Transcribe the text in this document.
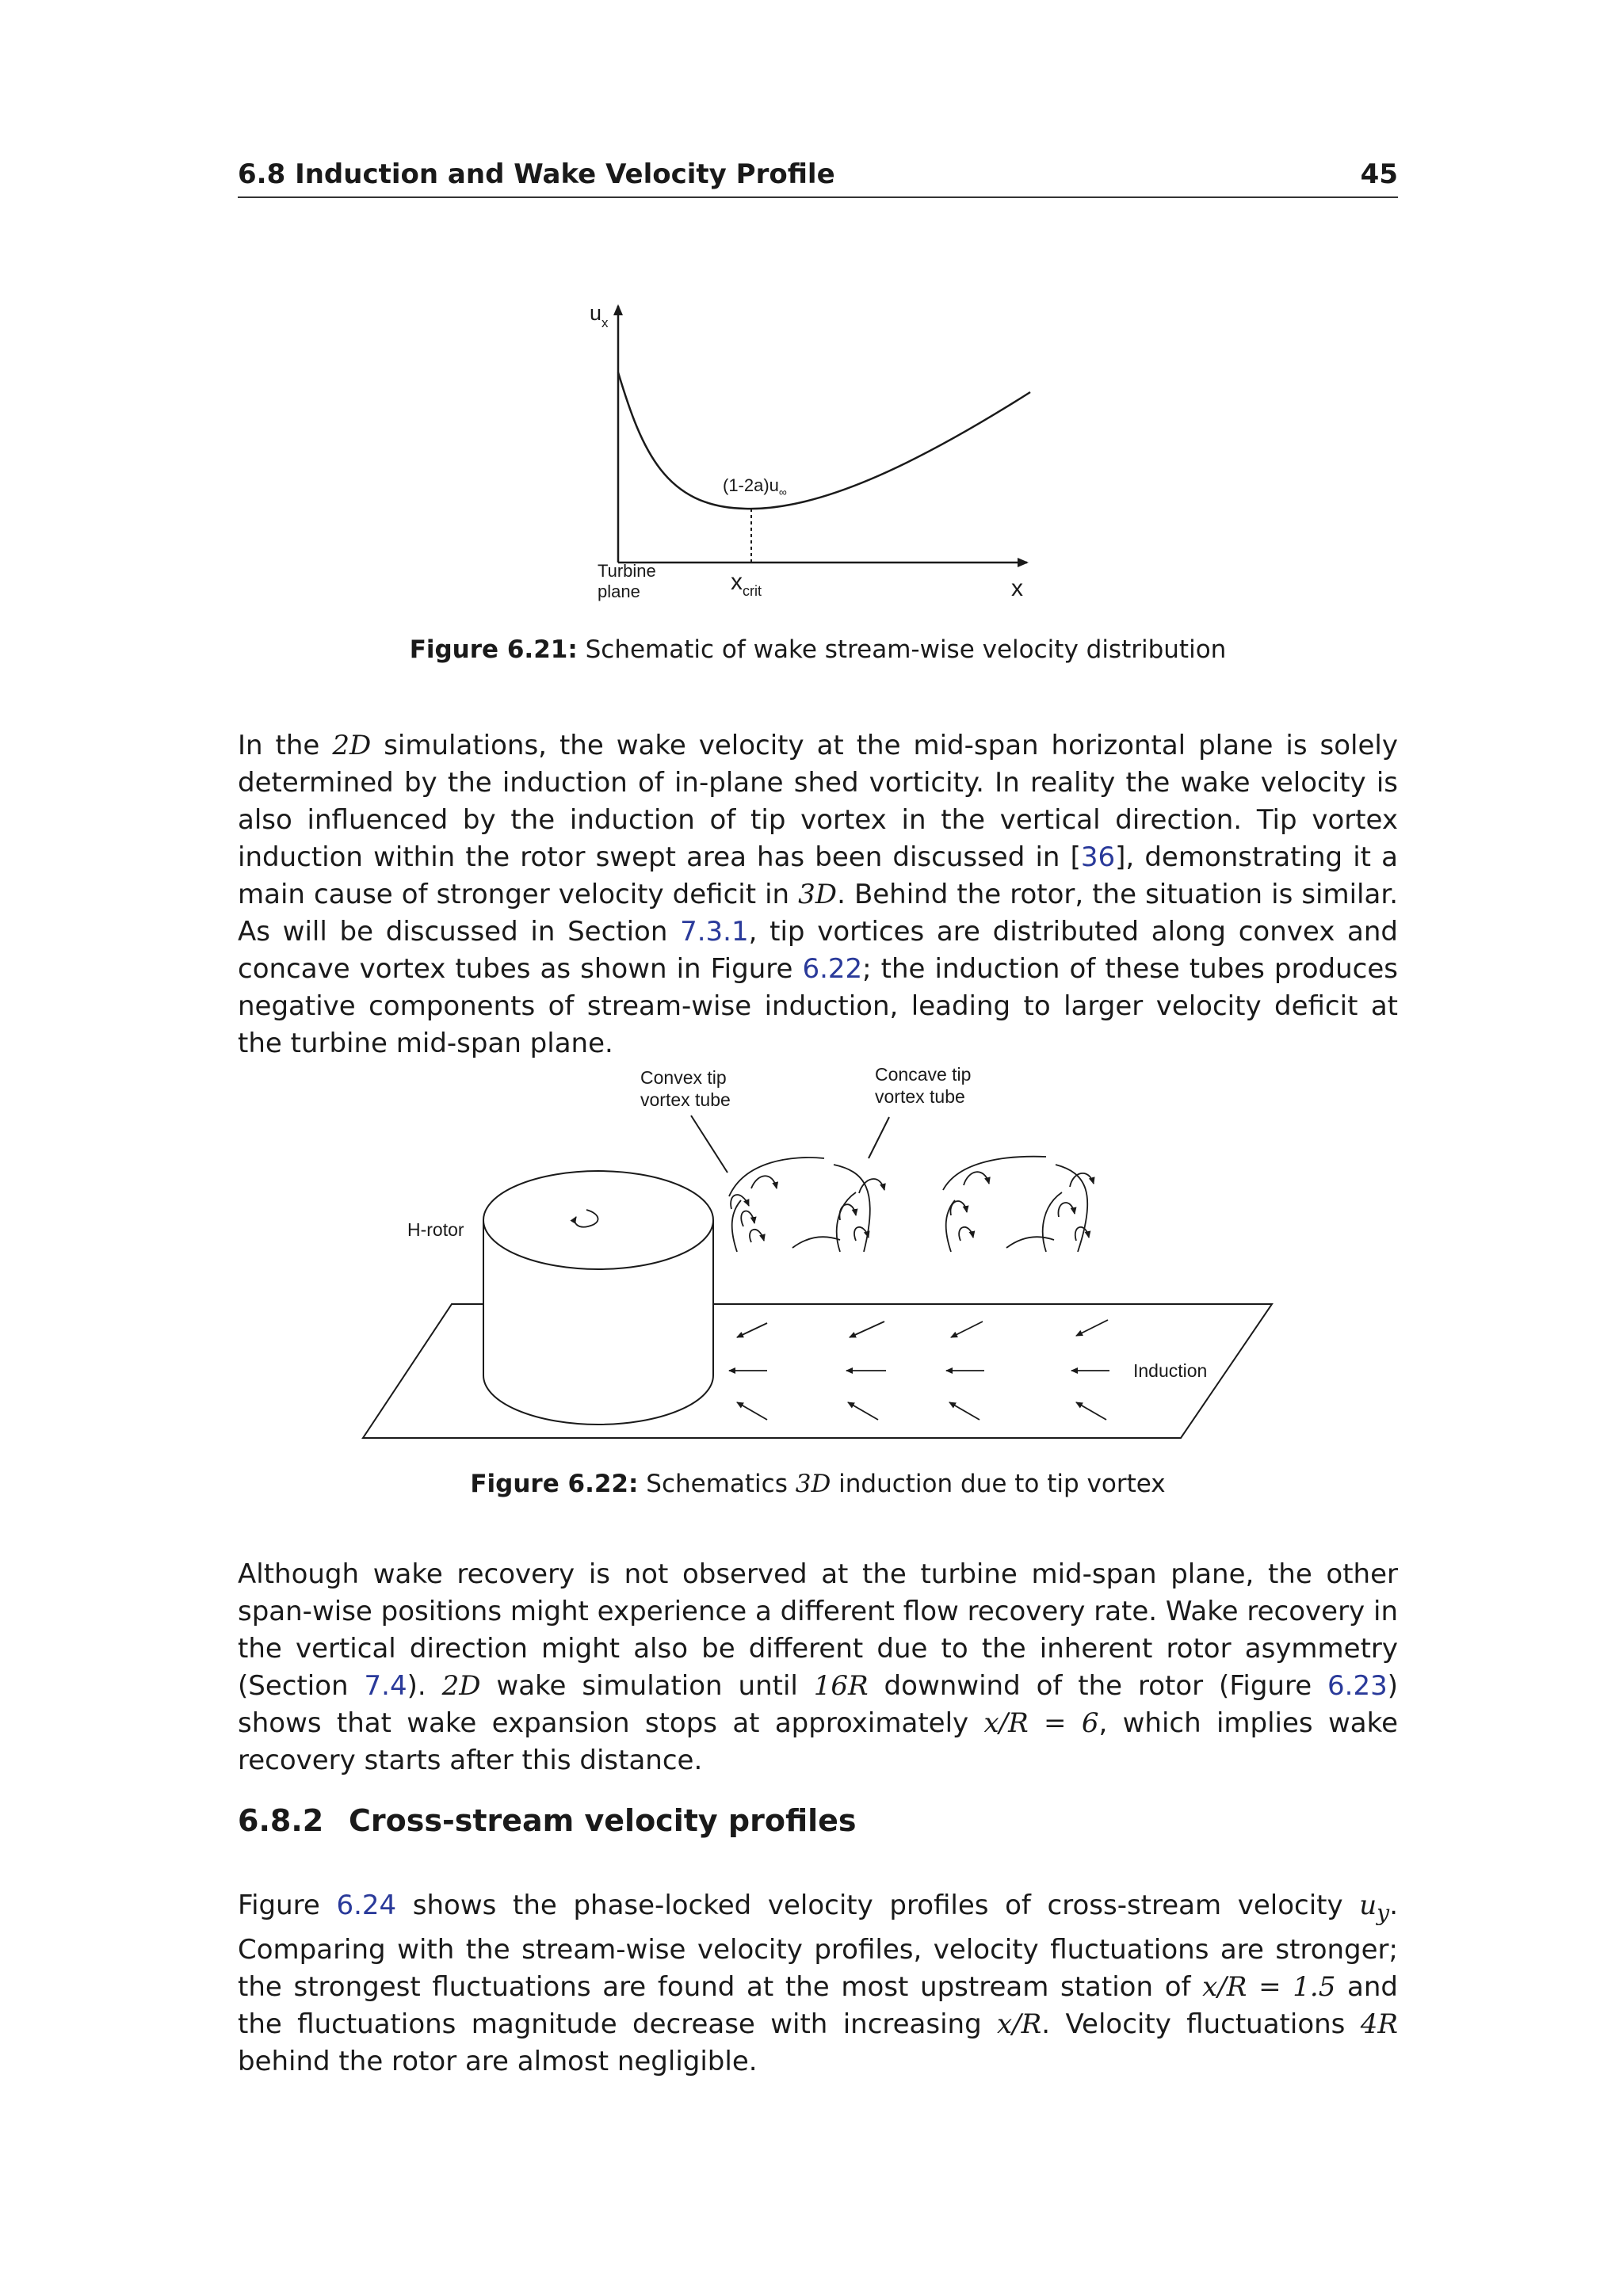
6.8 Induction and Wake Velocity Profile	45
$u_x$
$(1-2a)u_\infty$
Turbine
plane	$x_{crit}$	x
Figure 6.21: Schematic of wake stream-wise velocity distribution

In the 2D simulations, the wake velocity at the mid-span horizontal plane is solely determined by the induction of in-plane shed vorticity. In reality the wake velocity is also influenced by the induction of tip vortex in the vertical direction. Tip vortex induction within the rotor swept area has been discussed in [36], demonstrating it a main cause of stronger velocity deficit in 3D. Behind the rotor, the situation is similar. As will be discussed in Section 7.3.1, tip vortices are distributed along convex and concave vortex tubes as shown in Figure 6.22; the induction of these tubes produces negative components of stream-wise induction, leading to larger velocity deficit at the turbine mid-span plane.

Convex tip
vortex tube
Concave tip
vortex tube
H-rotor
Induction
Figure 6.22: Schematics 3D induction due to tip vortex

Although wake recovery is not observed at the turbine mid-span plane, the other span-wise positions might experience a different flow recovery rate. Wake recovery in the vertical direction might also be different due to the inherent rotor asymmetry (Section 7.4). 2D wake simulation until 16R downwind of the rotor (Figure 6.23) shows that wake expansion stops at approximately x/R = 6, which implies wake recovery starts after this distance.

6.8.2 Cross-stream velocity profiles

Figure 6.24 shows the phase-locked velocity profiles of cross-stream velocity $u_y$. Comparing with the stream-wise velocity profiles, velocity fluctuations are stronger; the strongest fluctuations are found at the most upstream station of x/R = 1.5 and the fluctuations magnitude decrease with increasing x/R. Velocity fluctuations 4R behind the rotor are almost negligible.
